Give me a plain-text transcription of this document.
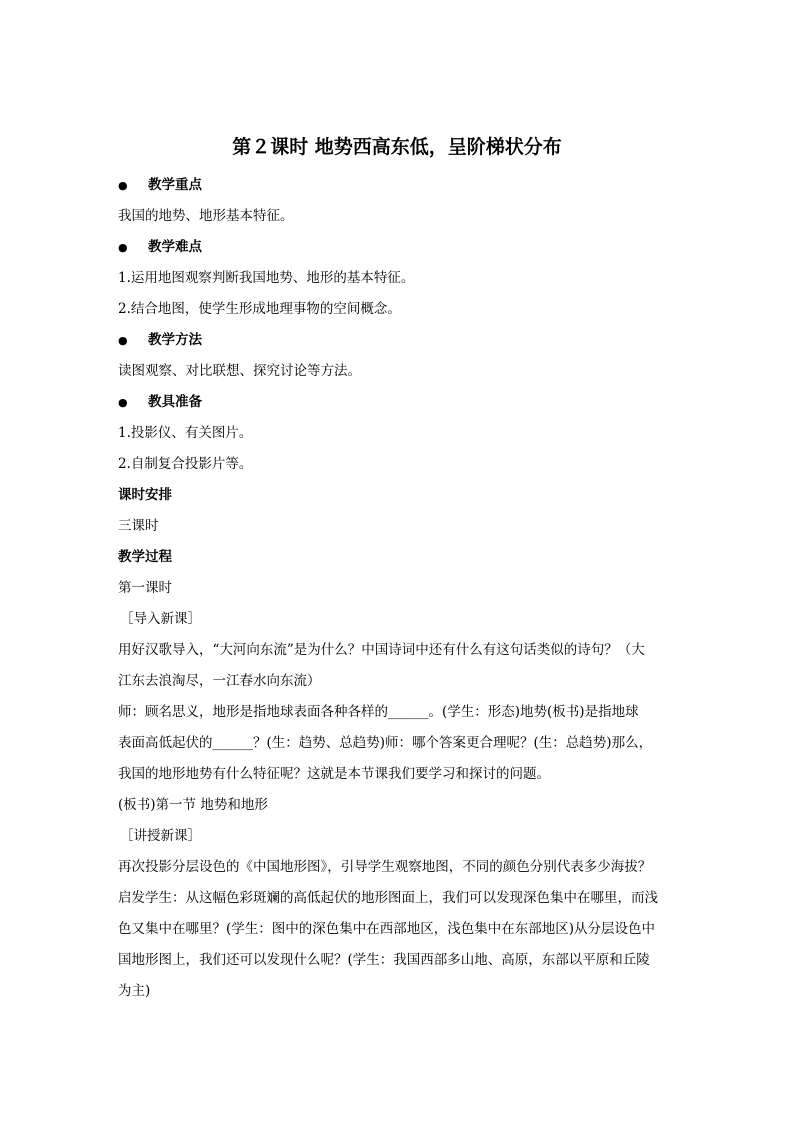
第２课时 地势西高东低，呈阶梯状分布
● 教学重点
我国的地势、地形基本特征。
● 教学难点
1.运用地图观察判断我国地势、地形的基本特征。
2.结合地图，使学生形成地理事物的空间概念。
● 教学方法
读图观察、对比联想、探究讨论等方法。
● 教具准备
1.投影仪、有关图片。
2.自制复合投影片等。
课时安排
三课时
教学过程
第一课时
［导入新课］
用好汉歌导入，“大河向东流”是为什么？中国诗词中还有什么有这句话类似的诗句？（大
江东去浪淘尽，一江春水向东流）
师：顾名思义，地形是指地球表面各种各样的______。(学生：形态)地势(板书)是指地球
表面高低起伏的______？(生：趋势、总趋势)师：哪个答案更合理呢？(生：总趋势)那么，
我国的地形地势有什么特征呢？这就是本节课我们要学习和探讨的问题。
(板书)第一节 地势和地形
［讲授新课］
再次投影分层设色的《中国地形图》，引导学生观察地图，不同的颜色分别代表多少海拔？
启发学生：从这幅色彩斑斓的高低起伏的地形图面上，我们可以发现深色集中在哪里，而浅
色又集中在哪里？(学生：图中的深色集中在西部地区，浅色集中在东部地区)从分层设色中
国地形图上，我们还可以发现什么呢？(学生：我国西部多山地、高原，东部以平原和丘陵
为主)
